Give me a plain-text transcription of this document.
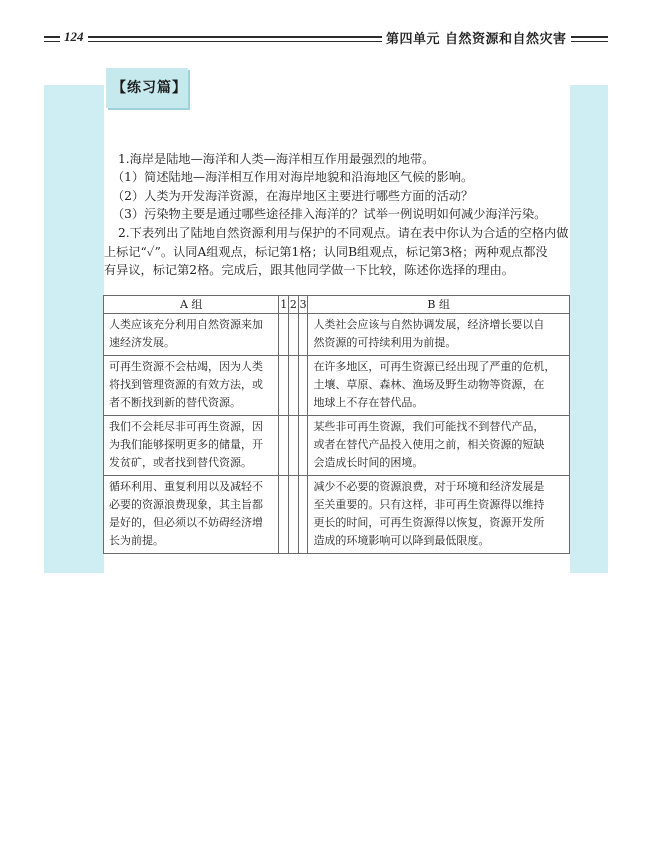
124	第四单元 自然资源和自然灾害
【练习篇】
1.海岸是陆地—海洋和人类—海洋相互作用最强烈的地带。
（1）简述陆地—海洋相互作用对海岸地貌和沿海地区气候的影响。
（2）人类为开发海洋资源，在海岸地区主要进行哪些方面的活动？
（3）污染物主要是通过哪些途径排入海洋的？试举一例说明如何减少海洋污染。
2.下表列出了陆地自然资源利用与保护的不同观点。请在表中你认为合适的空格内做
上标记“✓”。认同A组观点，标记第1格；认同B组观点，标记第3格；两种观点都没
有异议，标记第2格。完成后，跟其他同学做一下比较，陈述你选择的理由。
A 组	1	2	3	B 组

人类应该充分利用自然资源来加
速经济发展。				人类社会应该与自然协调发展，经济增长要以自
然资源的可持续利用为前提。

可再生资源不会枯竭，因为人类
将找到管理资源的有效方法，或
者不断找到新的替代资源。				在许多地区，可再生资源已经出现了严重的危机，
土壤、草原、森林、渔场及野生动物等资源，在
地球上不存在替代品。

我们不会耗尽非可再生资源，因
为我们能够探明更多的储量，开
发贫矿，或者找到替代资源。				某些非可再生资源，我们可能找不到替代产品，
或者在替代产品投入使用之前，相关资源的短缺
会造成长时间的困境。

循环利用、重复利用以及减轻不
必要的资源浪费现象，其主旨都
是好的，但必须以不妨碍经济增
长为前提。				减少不必要的资源浪费，对于环境和经济发展是
至关重要的。只有这样，非可再生资源得以维持
更长的时间，可再生资源得以恢复，资源开发所
造成的环境影响可以降到最低限度。
